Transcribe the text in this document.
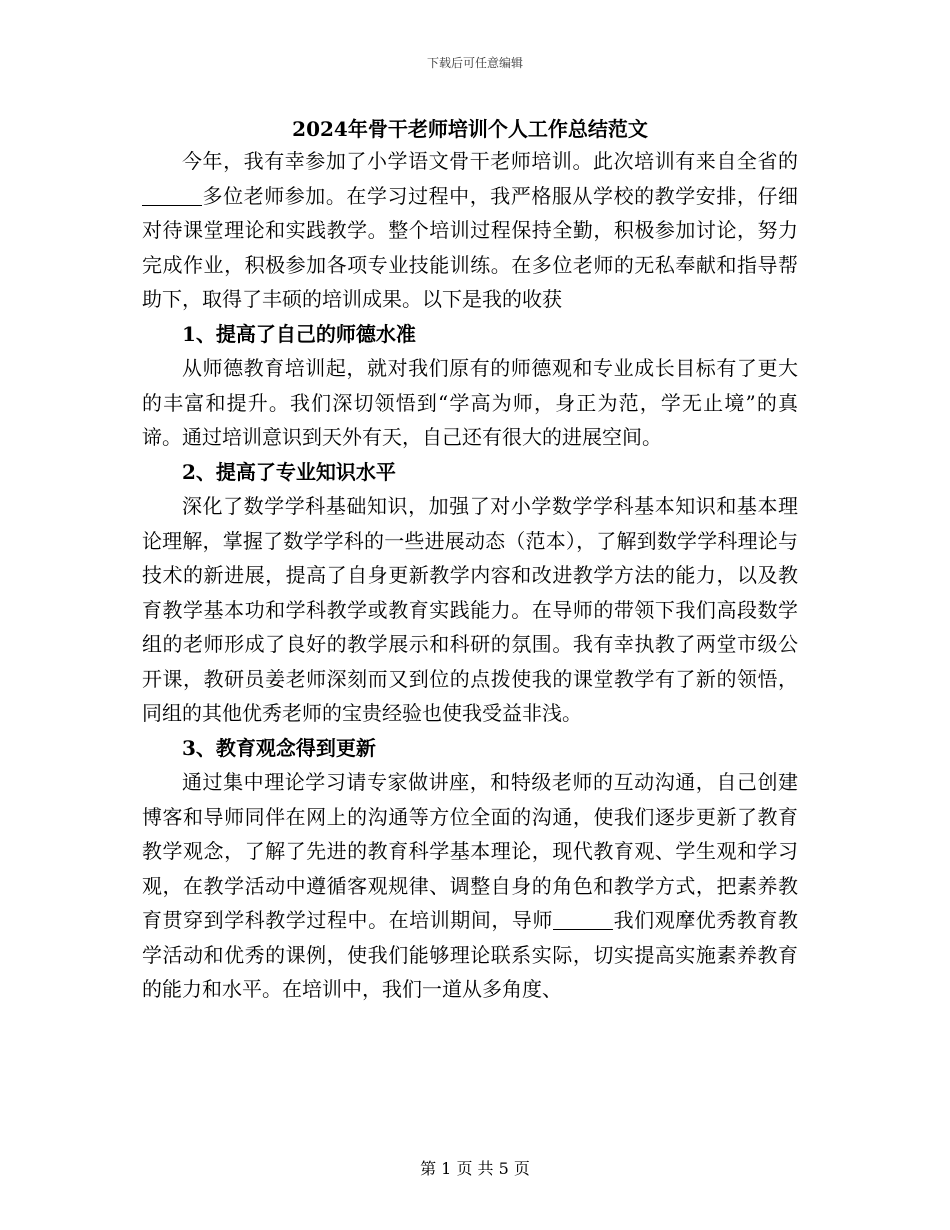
下载后可任意编辑
2024年骨干老师培训个人工作总结范文

今年，我有幸参加了小学语文骨干老师培训。此次培训有来自全省的多位老师参加。在学习过程中，我严格服从学校的教学安排，仔细对待课堂理论和实践教学。整个培训过程保持全勤，积极参加讨论，努力完成作业，积极参加各项专业技能训练。在多位老师的无私奉献和指导帮助下，取得了丰硕的培训成果。以下是我的收获

1、提高了自己的师德水准

从师德教育培训起，就对我们原有的师德观和专业成长目标有了更大的丰富和提升。我们深切领悟到“学高为师，身正为范，学无止境”的真谛。通过培训意识到天外有天，自己还有很大的进展空间。

2、提高了专业知识水平

深化了数学学科基础知识，加强了对小学数学学科基本知识和基本理论理解，掌握了数学学科的一些进展动态（范本），了解到数学学科理论与技术的新进展，提高了自身更新教学内容和改进教学方法的能力，以及教育教学基本功和学科教学或教育实践能力。在导师的带领下我们高段数学组的老师形成了良好的教学展示和科研的氛围。我有幸执教了两堂市级公开课，教研员姜老师深刻而又到位的点拨使我的课堂教学有了新的领悟，同组的其他优秀老师的宝贵经验也使我受益非浅。

3、教育观念得到更新

通过集中理论学习请专家做讲座，和特级老师的互动沟通，自己创建博客和导师同伴在网上的沟通等方位全面的沟通，使我们逐步更新了教育教学观念，了解了先进的教育科学基本理论，现代教育观、学生观和学习观，在教学活动中遵循客观规律、调整自身的角色和教学方式，把素养教育贯穿到学科教学过程中。在培训期间，导师	我们观摩优秀教育教学活动和优秀的课例，使我们能够理论联系实际，切实提高实施素养教育的能力和水平。在培训中，我们一道从多角度、

第 1 页 共 5 页
